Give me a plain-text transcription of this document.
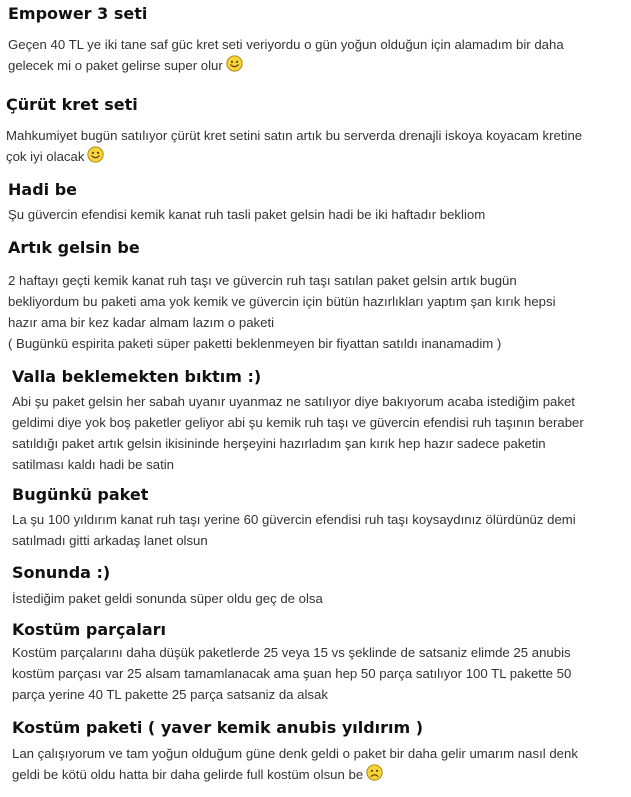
Empower 3 seti
Geçen 40 TL ye iki tane saf güc kret seti veriyordu o gün yoğun olduğun için alamadım bir daha
gelecek mi o paket gelirse super olur
Çürüt kret seti
Mahkumiyet bugün satılıyor çürüt kret setini satın artık bu serverda drenajli iskoya koyacam kretine
çok iyi olacak
Hadi be
Şu güvercin efendisi kemik kanat ruh tasli paket gelsin hadi be iki haftadır bekliom
Artık gelsin be
2 haftayı geçti kemik kanat ruh taşı ve güvercin ruh taşı satılan paket gelsin artık bugün
bekliyordum bu paketi ama yok kemik ve güvercin için bütün hazırlıkları yaptım şan kırık hepsi
hazır ama bir kez kadar almam lazım o paketi
( Bugünkü espirita paketi süper paketti beklenmeyen bir fiyattan satıldı inanamadim )
Valla beklemekten bıktım :)
Abi şu paket gelsin her sabah uyanır uyanmaz ne satılıyor diye bakıyorum acaba istediğim paket
geldimi diye yok boş paketler geliyor abi şu kemik ruh taşı ve güvercin efendisi ruh taşının beraber
satıldığı paket artık gelsin ikisininde herşeyini hazırladım şan kırık hep hazır sadece paketin
satilması kaldı hadi be satin
Bugünkü paket
La şu 100 yıldırım kanat ruh taşı yerine 60 güvercin efendisi ruh taşı koysaydınız ölürdünüz demi
satılmadı gitti arkadaş lanet olsun
Sonunda :)
İstediğim paket geldi sonunda süper oldu geç de olsa
Kostüm parçaları
Kostüm parçalarını daha düşük paketlerde 25 veya 15 vs şeklinde de satsaniz elimde 25 anubis
kostüm parçası var 25 alsam tamamlanacak ama şuan hep 50 parça satılıyor 100 TL pakette 50
parça yerine 40 TL pakette 25 parça satsaniz da alsak
Kostüm paketi ( yaver kemik anubis yıldırım )
Lan çalışıyorum ve tam yoğun olduğum güne denk geldi o paket bir daha gelir umarım nasıl denk
geldi be kötü oldu hatta bir daha gelirde full kostüm olsun be
